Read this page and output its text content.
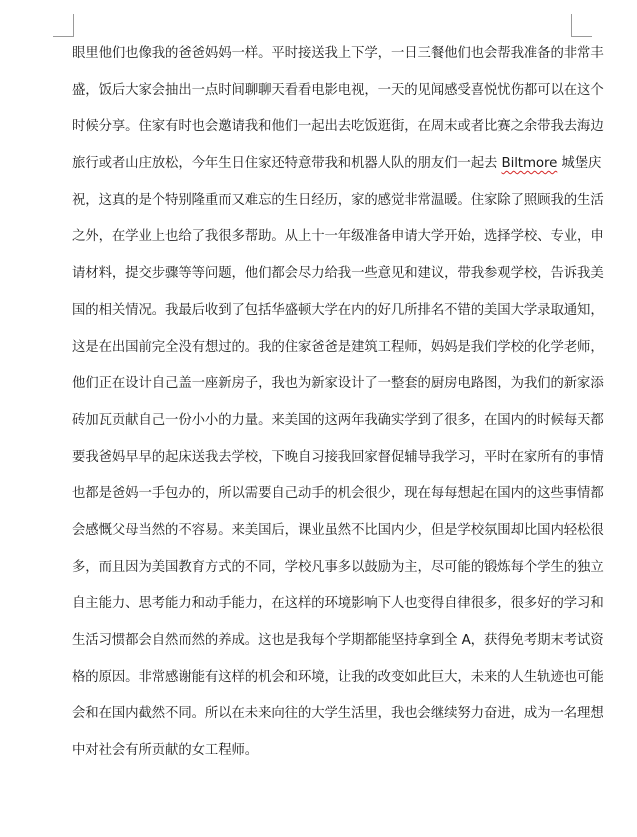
眼里他们也像我的爸爸妈妈一样。平时接送我上下学，一日三餐他们也会帮我准备的非常丰
盛，饭后大家会抽出一点时间聊聊天看看电影电视，一天的见闻感受喜悦忧伤都可以在这个
时候分享。住家有时也会邀请我和他们一起出去吃饭逛街，在周末或者比赛之余带我去海边
旅行或者山庄放松，今年生日住家还特意带我和机器人队的朋友们一起去 Biltmore 城堡庆
祝，这真的是个特别隆重而又难忘的生日经历，家的感觉非常温暖。住家除了照顾我的生活
之外，在学业上也给了我很多帮助。从上十一年级准备申请大学开始，选择学校、专业，申
请材料，提交步骤等等问题，他们都会尽力给我一些意见和建议，带我参观学校，告诉我美
国的相关情况。我最后收到了包括华盛顿大学在内的好几所排名不错的美国大学录取通知，
这是在出国前完全没有想过的。我的住家爸爸是建筑工程师，妈妈是我们学校的化学老师，
他们正在设计自己盖一座新房子，我也为新家设计了一整套的厨房电路图，为我们的新家添
砖加瓦贡献自己一份小小的力量。来美国的这两年我确实学到了很多，在国内的时候每天都
要我爸妈早早的起床送我去学校，下晚自习接我回家督促辅导我学习，平时在家所有的事情
也都是爸妈一手包办的，所以需要自己动手的机会很少，现在每每想起在国内的这些事情都
会感慨父母当然的不容易。来美国后，课业虽然不比国内少，但是学校氛围却比国内轻松很
多，而且因为美国教育方式的不同，学校凡事多以鼓励为主，尽可能的锻炼每个学生的独立
自主能力、思考能力和动手能力，在这样的环境影响下人也变得自律很多，很多好的学习和
生活习惯都会自然而然的养成。这也是我每个学期都能坚持拿到全 A，获得免考期末考试资
格的原因。非常感谢能有这样的机会和环境，让我的改变如此巨大，未来的人生轨迹也可能
会和在国内截然不同。所以在未来向往的大学生活里，我也会继续努力奋进，成为一名理想
中对社会有所贡献的女工程师。
